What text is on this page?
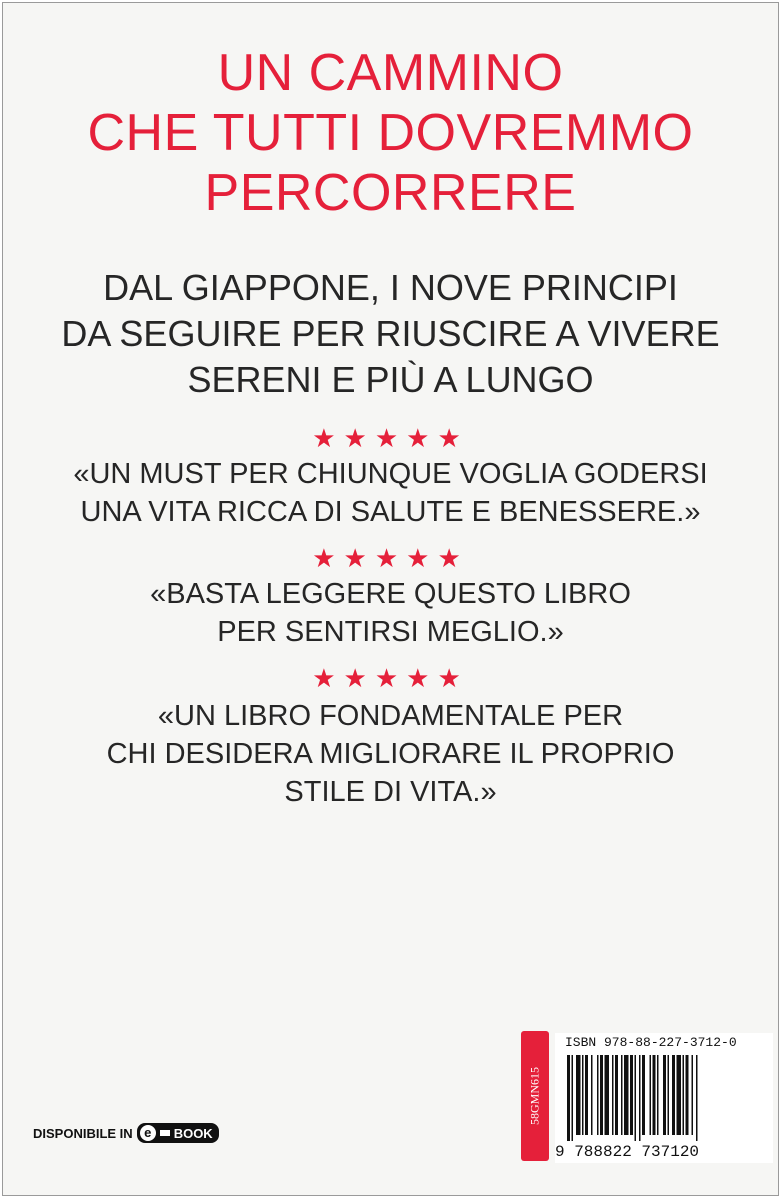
UN CAMMINO
CHE TUTTI DOVREMMO
PERCORRERE
DAL GIAPPONE, I NOVE PRINCIPI
DA SEGUIRE PER RIUSCIRE A VIVERE
SERENI E PIÙ A LUNGO
★★★★★
«UN MUST PER CHIUNQUE VOGLIA GODERSI
UNA VITA RICCA DI SALUTE E BENESSERE.»
★★★★★
«BASTA LEGGERE QUESTO LIBRO
PER SENTIRSI MEGLIO.»
★★★★★
«UN LIBRO FONDAMENTALE PER
CHI DESIDERA MIGLIORARE IL PROPRIO
STILE DI VITA.»
DISPONIBILE IN e	BOOK
58GMN615
ISBN 978-88-227-3712-0
9 788822 737120
